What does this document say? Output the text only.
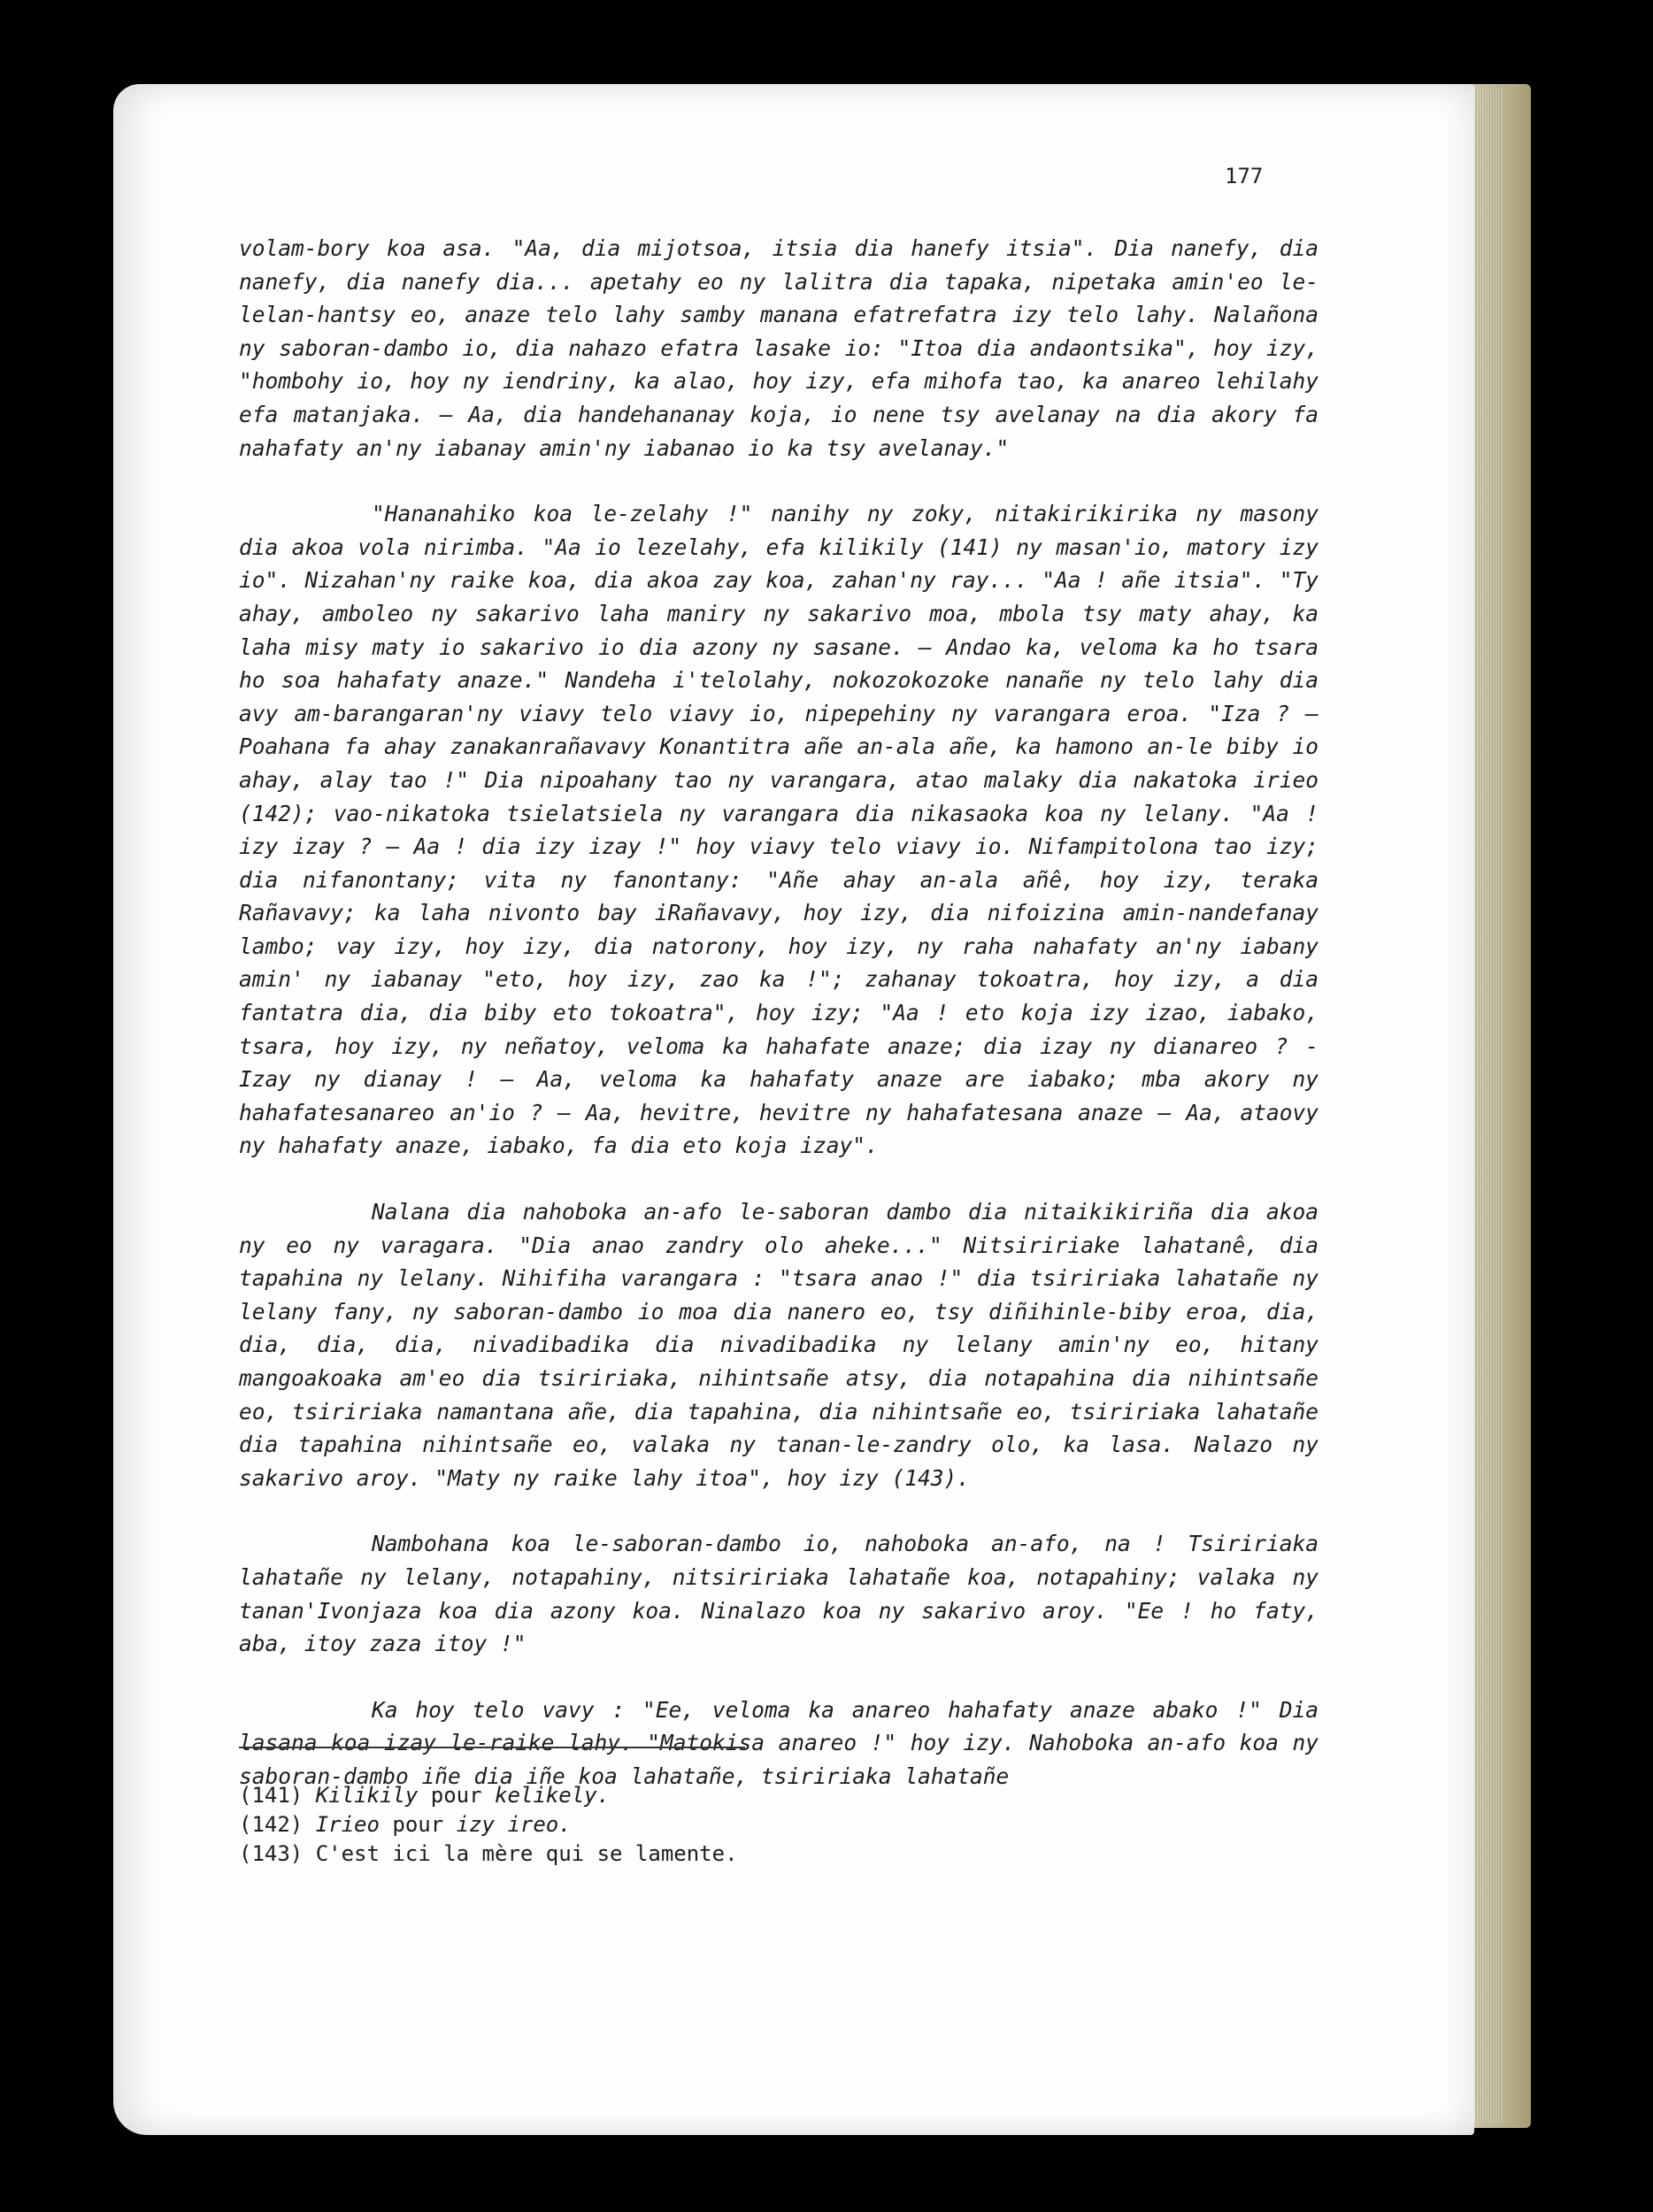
177

volam-bory koa asa. "Aa, dia mijotsoa, itsia dia hanefy itsia". Dia nanefy, dia nanefy, dia nanefy dia... apetahy eo ny lalitra dia tapaka, nipetaka amin'eo le-lelan-hantsy eo, anaze telo lahy samby manana efatrefatra izy telo lahy. Nalañona ny saboran-dambo io, dia nahazo efatra lasake io: "Itoa dia andaontsika", hoy izy, "hombohy io, hoy ny iendriny, ka alao, hoy izy, efa mihofa tao, ka anareo lehilahy efa matanjaka. — Aa, dia handehananay koja, io nene tsy avelanay na dia akory fa nahafaty an'ny iabanay amin'ny iabanao io ka tsy avelanay."

"Hananahiko koa le-zelahy !" nanihy ny zoky, nitakirikirika ny masony dia akoa vola nirimba. "Aa io lezelahy, efa kilikily (141) ny masan'io, matory izy io". Nizahan'ny raike koa, dia akoa zay koa, zahan'ny ray... "Aa ! añe itsia". "Ty ahay, amboleo ny sakarivo laha maniry ny sakarivo moa, mbola tsy maty ahay, ka laha misy maty io sakarivo io dia azony ny sasane. — Andao ka, veloma ka ho tsara ho soa hahafaty anaze." Nandeha i'telolahy, nokozokozoke nanañe ny telo lahy dia avy am-barangaran'ny viavy telo viavy io, nipepehiny ny varangara eroa. "Iza ? — Poahana fa ahay zanakanrañavavy Konantitra añe an-ala añe, ka hamono an-le biby io ahay, alay tao !" Dia nipoahany tao ny varangara, atao malaky dia nakatoka irieo (142); vao-nikatoka tsielatsiela ny varangara dia nikasaoka koa ny lelany. "Aa ! izy izay ? — Aa ! dia izy izay !" hoy viavy telo viavy io. Nifampitolona tao izy; dia nifanontany; vita ny fanontany: "Añe ahay an-ala añê, hoy izy, teraka Rañavavy; ka laha nivonto bay iRañavavy, hoy izy, dia nifoizina amin-nandefanay lambo; vay izy, hoy izy, dia natorony, hoy izy, ny raha nahafaty an'ny iabany amin' ny iabanay "eto, hoy izy, zao ka !"; zahanay tokoatra, hoy izy, a dia fantatra dia, dia biby eto tokoatra", hoy izy; "Aa ! eto koja izy izao, iabako, tsara, hoy izy, ny neñatoy, veloma ka hahafate anaze; dia izay ny dianareo ? - Izay ny dianay ! — Aa, veloma ka hahafaty anaze are iabako; mba akory ny hahafatesanareo an'io ? — Aa, hevitre, hevitre ny hahafatesana anaze — Aa, ataovy ny hahafaty anaze, iabako, fa dia eto koja izay".

Nalana dia nahoboka an-afo le-saboran dambo dia nitaikikiriña dia akoa ny eo ny varagara. "Dia anao zandry olo aheke..." Nitsiririake lahatanê, dia tapahina ny lelany. Nihifiha varangara : "tsara anao !" dia tsiririaka lahatañe ny lelany fany, ny saboran-dambo io moa dia nanero eo, tsy diñihinle-biby eroa, dia, dia, dia, dia, nivadibadika dia nivadibadika ny lelany amin'ny eo, hitany mangoakoaka am'eo dia tsiririaka, nihintsañe atsy, dia notapahina dia nihintsañe eo, tsiririaka namantana añe, dia tapahina, dia nihintsañe eo, tsiririaka lahatañe dia tapahina nihintsañe eo, valaka ny tanan-le-zandry olo, ka lasa. Nalazo ny sakarivo aroy. "Maty ny raike lahy itoa", hoy izy (143).

Nambohana koa le-saboran-dambo io, nahoboka an-afo, na ! Tsiririaka lahatañe ny lelany, notapahiny, nitsiririaka lahatañe koa, notapahiny; valaka ny tanan'Ivonjaza koa dia azony koa. Ninalazo koa ny sakarivo aroy. "Ee ! ho faty, aba, itoy zaza itoy !"

Ka hoy telo vavy : "Ee, veloma ka anareo hahafaty anaze abako !" Dia lasana koa izay le-raike lahy. "Matokisa anareo !" hoy izy. Nahoboka an-afo koa ny saboran-dambo iñe dia iñe koa lahatañe, tsiririaka lahatañe

(141) Kilikily pour kelikely.
(142) Irieo pour izy ireo.
(143) C'est ici la mère qui se lamente.
